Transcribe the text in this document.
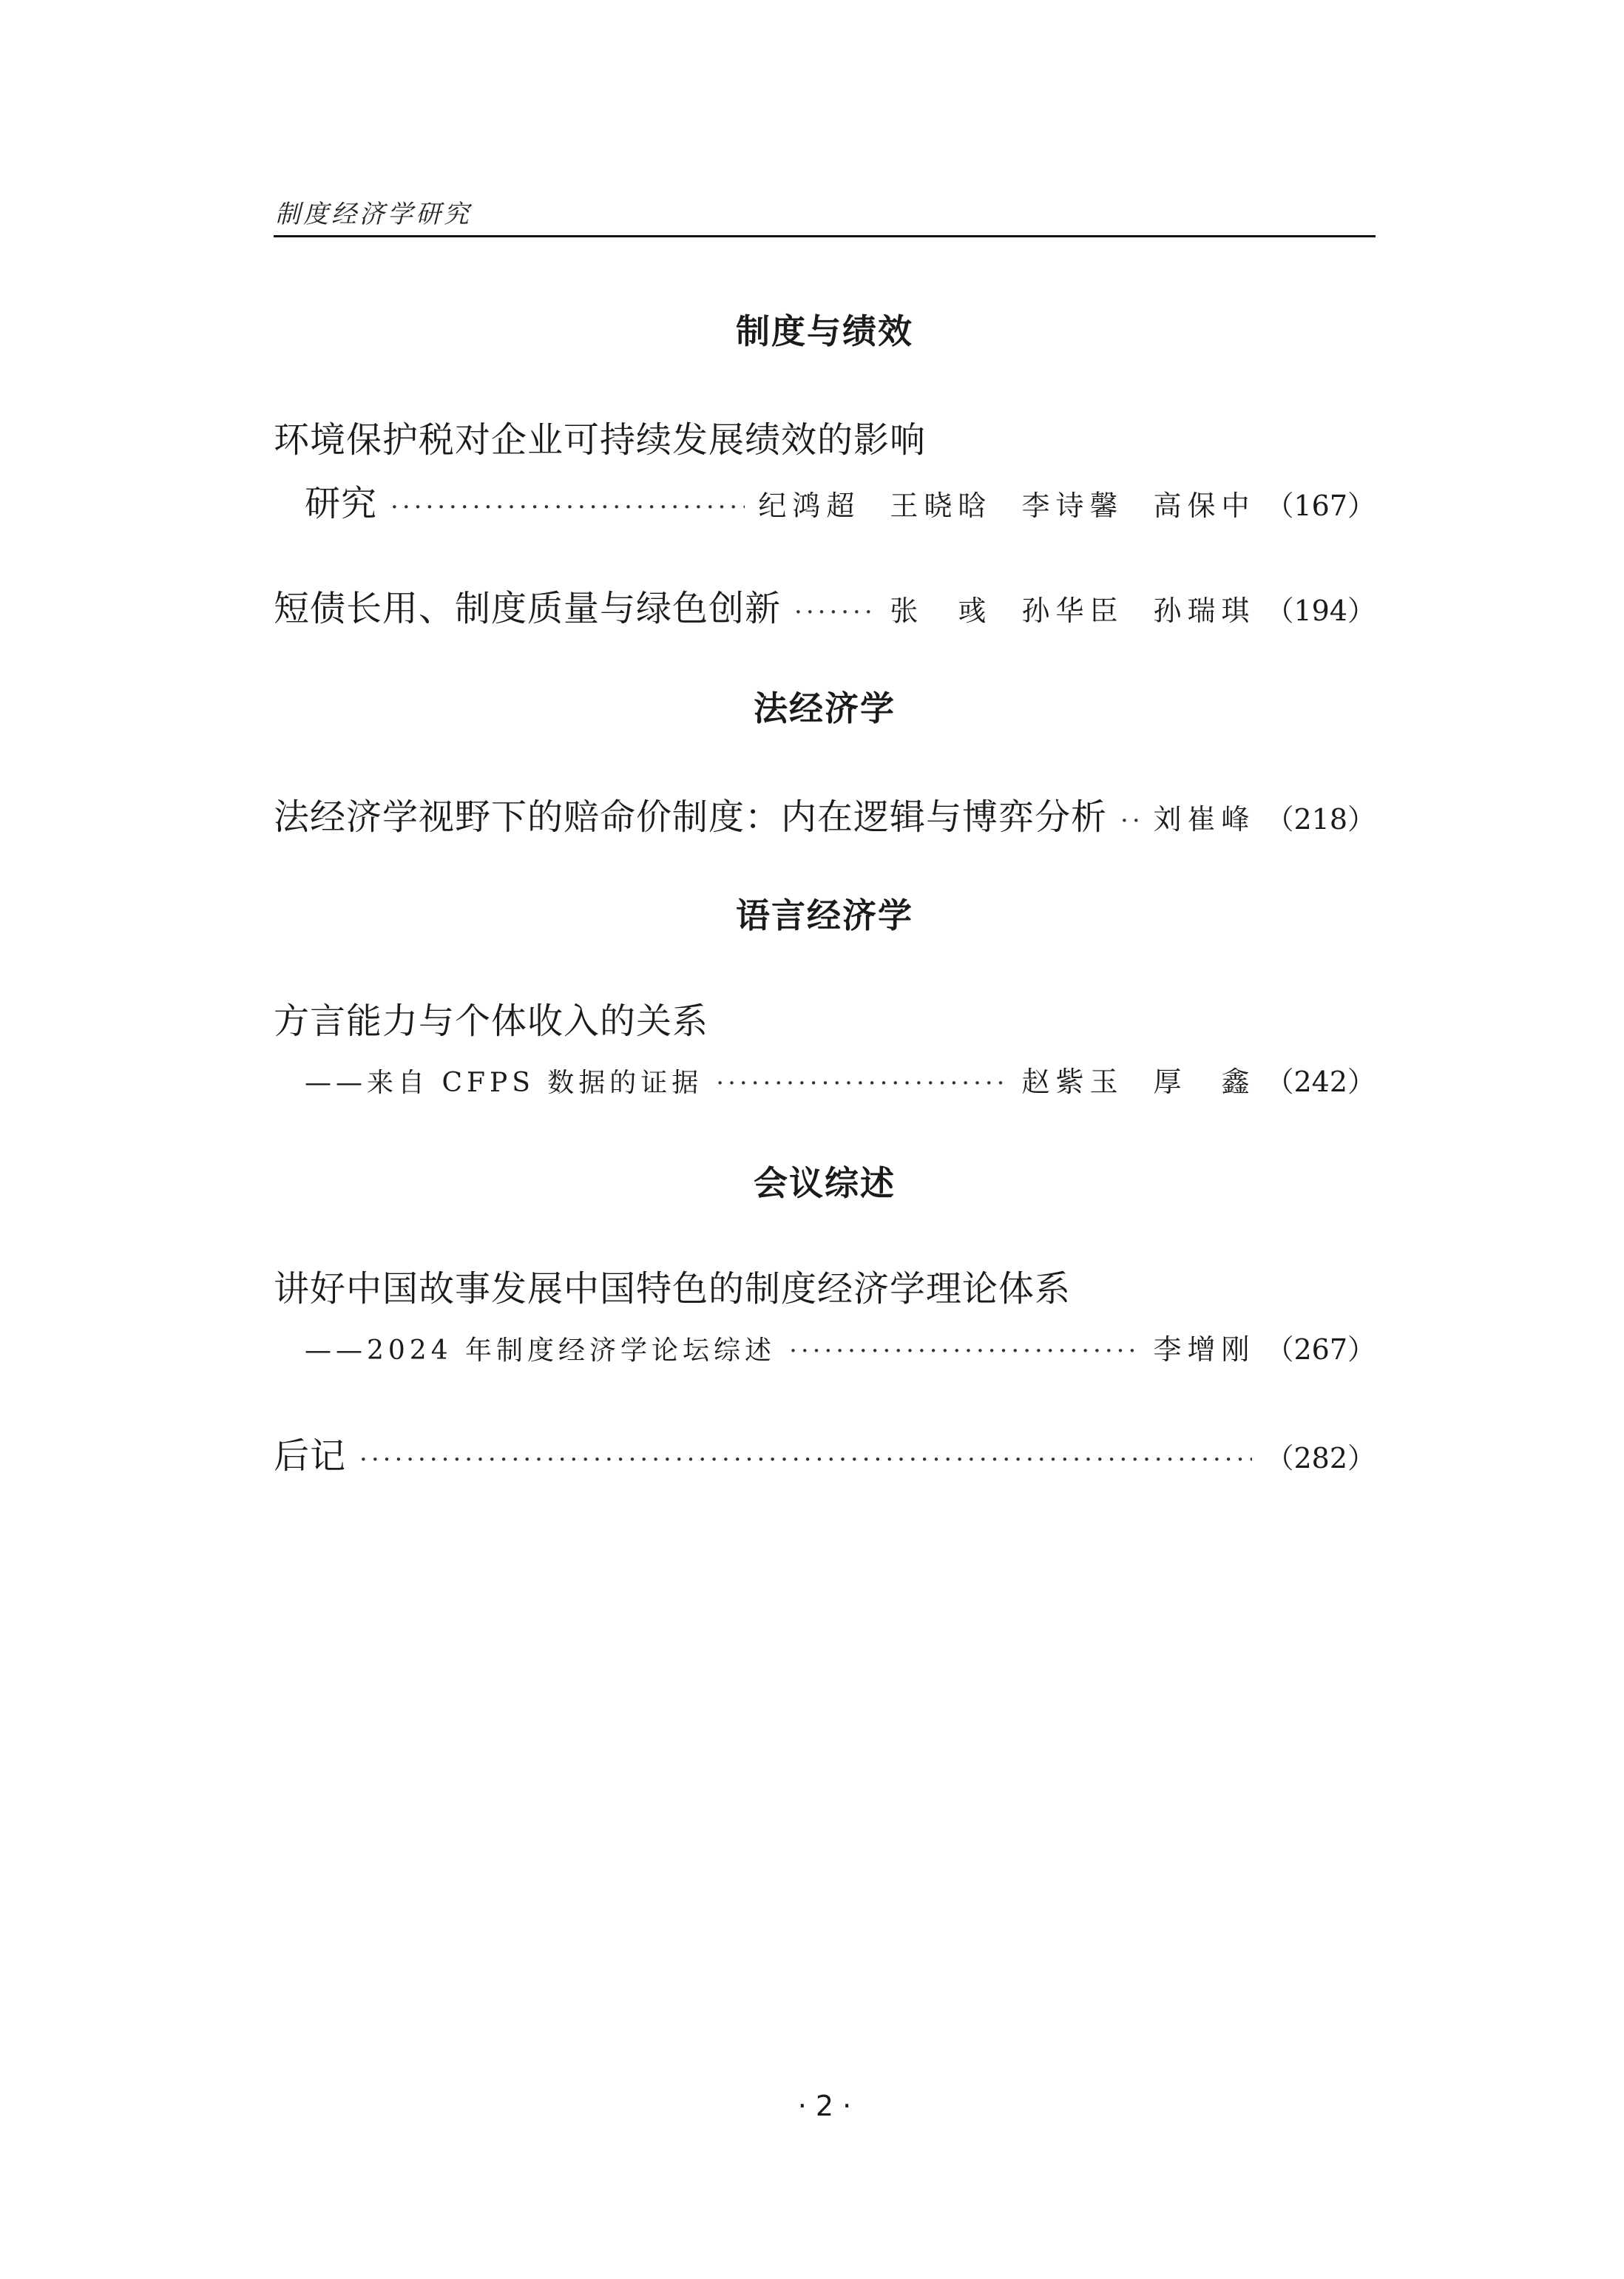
制度经济学研究
制度与绩效
环境保护税对企业可持续发展绩效的影响
研究 ·····	纪鸿超 王晓晗 李诗馨 高保中 （167）
短债长用、制度质量与绿色创新 ·····	张　彧 孙华臣 孙瑞琪 （194）
法经济学
法经济学视野下的赔命价制度：内在逻辑与博弈分析 ····· 刘崔峰 （218）
语言经济学
方言能力与个体收入的关系
——来自 CFPS 数据的证据 ·····	赵紫玉 厚　鑫 （242）
会议综述
讲好中国故事发展中国特色的制度经济学理论体系
——2024 年制度经济学论坛综述 ·····	李增刚 （267）
后记 ·····	（282）
· 2 ·
